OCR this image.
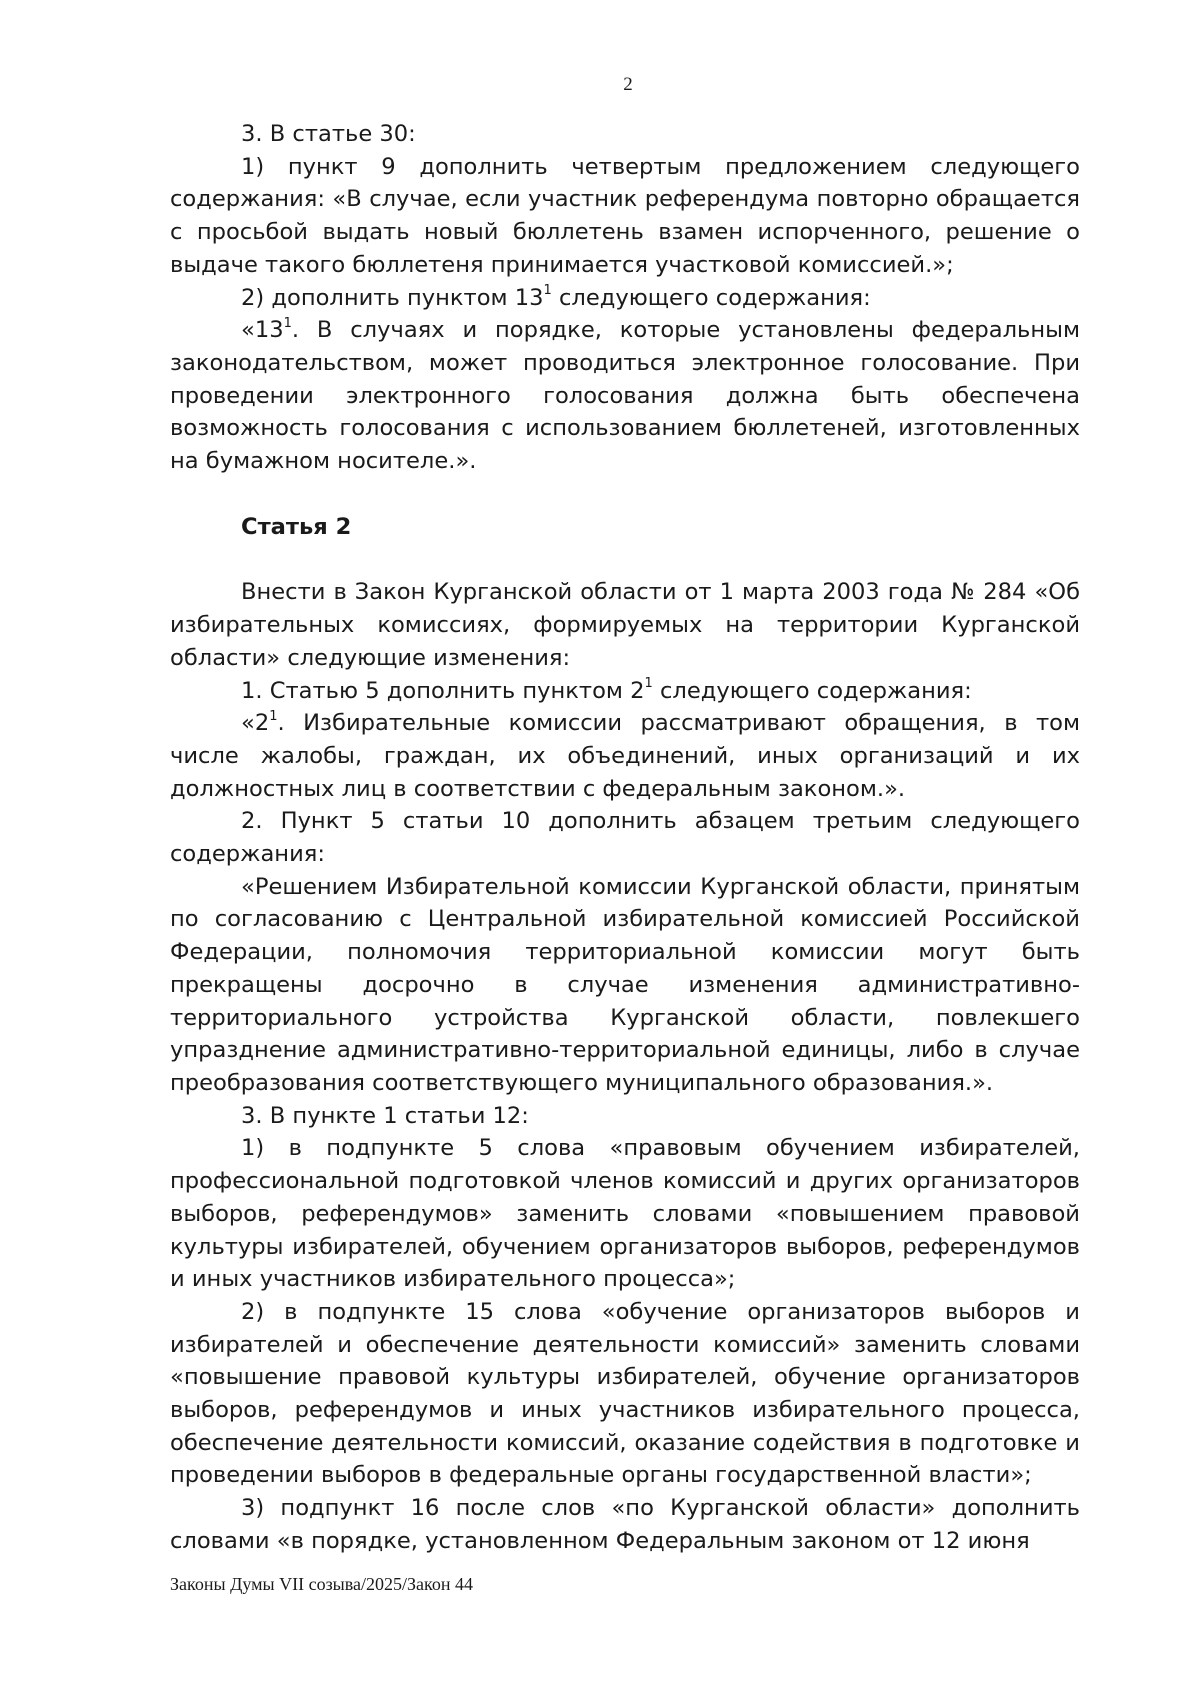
2

3. В статье 30:

1) пункт 9 дополнить четвертым предложением следующего содержания: «В случае, если участник референдума повторно обращается с просьбой выдать новый бюллетень взамен испорченного, решение о выдаче такого бюллетеня принимается участковой комиссией.»;

2) дополнить пунктом $13^1$ следующего содержания:

«$13^1$. В случаях и порядке, которые установлены федеральным законодательством, может проводиться электронное голосование. При проведении электронного голосования должна быть обеспечена возможность голосования с использованием бюллетеней, изготовленных на бумажном носителе.».

Статья 2

Внести в Закон Курганской области от 1 марта 2003 года № 284 «Об избирательных комиссиях, формируемых на территории Курганской области» следующие изменения:

1. Статью 5 дополнить пунктом $2^1$ следующего содержания:

«$2^1$. Избирательные комиссии рассматривают обращения, в том числе жалобы, граждан, их объединений, иных организаций и их должностных лиц в соответствии с федеральным законом.».

2. Пункт 5 статьи 10 дополнить абзацем третьим следующего содержания:

«Решением Избирательной комиссии Курганской области, принятым по согласованию с Центральной избирательной комиссией Российской Федерации, полномочия территориальной комиссии могут быть прекращены досрочно в случае изменения административно-территориального устройства Курганской области, повлекшего упразднение административно-территориальной единицы, либо в случае преобразования соответствующего муниципального образования.».

3. В пункте 1 статьи 12:

1) в подпункте 5 слова «правовым обучением избирателей, профессиональной подготовкой членов комиссий и других организаторов выборов, референдумов» заменить словами «повышением правовой культуры избирателей, обучением организаторов выборов, референдумов и иных участников избирательного процесса»;

2) в подпункте 15 слова «обучение организаторов выборов и избирателей и обеспечение деятельности комиссий» заменить словами «повышение правовой культуры избирателей, обучение организаторов выборов, референдумов и иных участников избирательного процесса, обеспечение деятельности комиссий, оказание содействия в подготовке и проведении выборов в федеральные органы государственной власти»;

3) подпункт 16 после слов «по Курганской области» дополнить словами «в порядке, установленном Федеральным законом от 12 июня

Законы Думы VII созыва/2025/Закон 44
